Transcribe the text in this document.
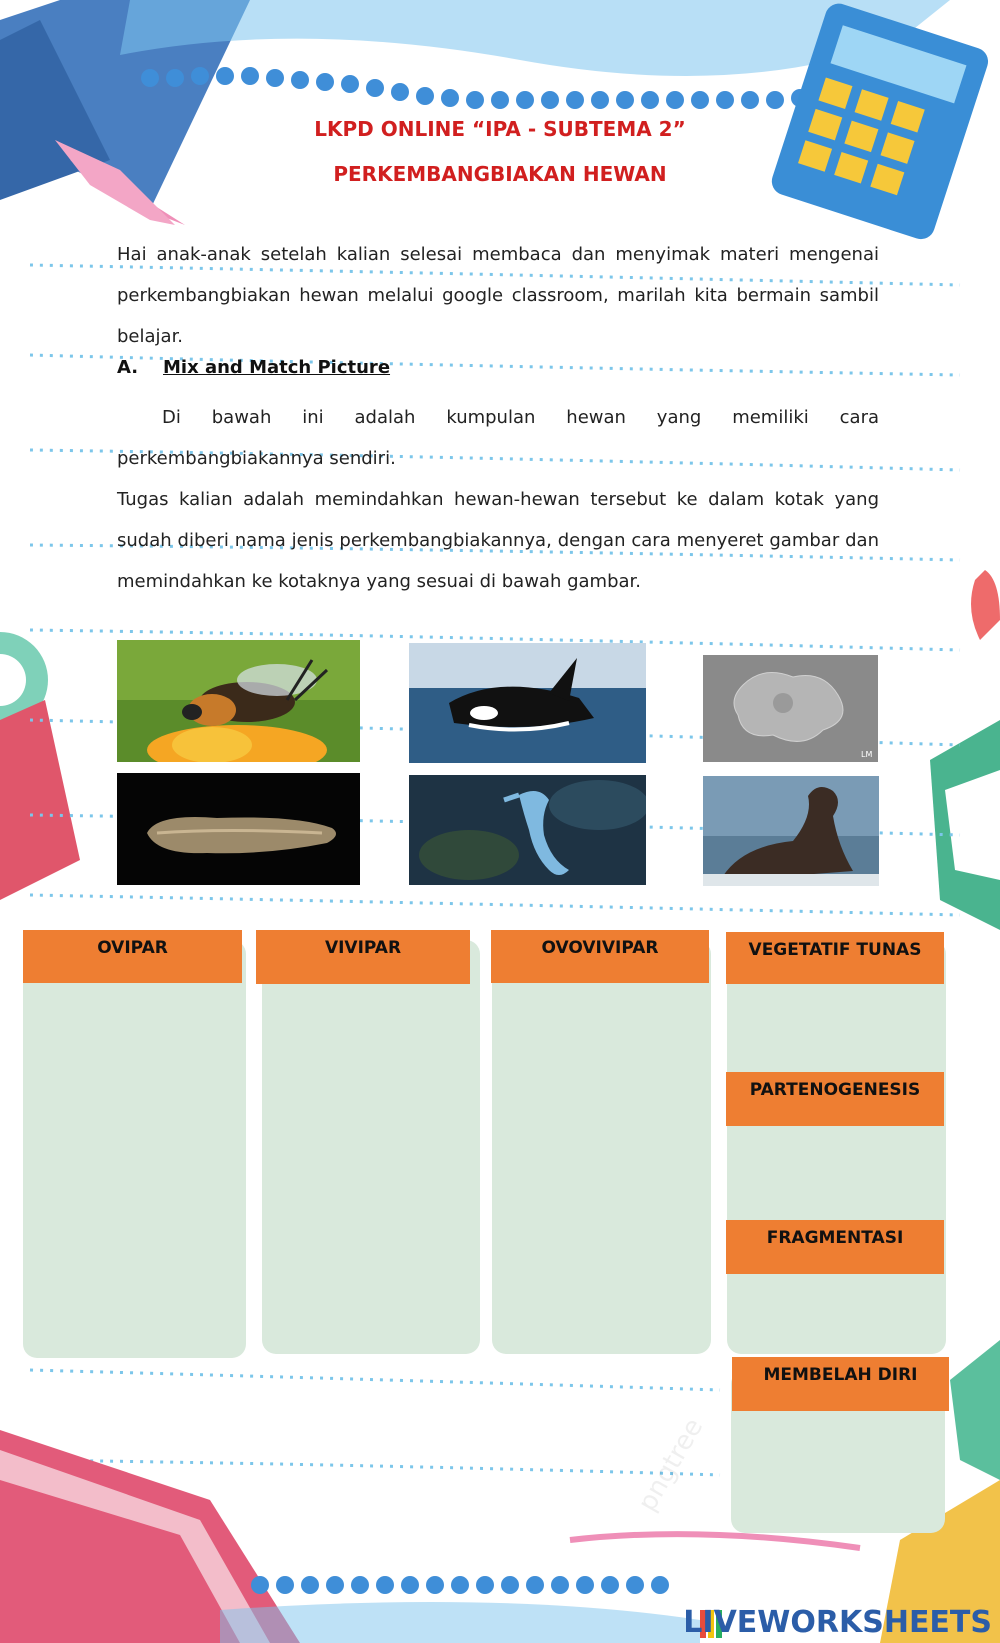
LKPD ONLINE “IPA - SUBTEMA 2”
PERKEMBANGBIAKAN HEWAN
Hai anak-anak setelah kalian selesai membaca dan menyimak materi mengenai perkembangbiakan hewan melalui google classroom, marilah kita bermain sambil belajar.
A. Mix and Match Picture
Di bawah ini adalah kumpulan hewan yang memiliki cara perkembangbiakannya sendiri.
Tugas kalian adalah memindahkan hewan-hewan tersebut ke dalam kotak yang sudah diberi nama jenis perkembangbiakannya, dengan cara menyeret gambar dan memindahkan ke kotaknya yang sesuai di bawah gambar.
LM
OVIPAR	VIVIPAR	OVOVIVIPAR	VEGETATIF TUNAS
PARTENOGENESIS
FRAGMENTASI
MEMBELAH DIRI
pngtree
LIVEWORKSHEETS
